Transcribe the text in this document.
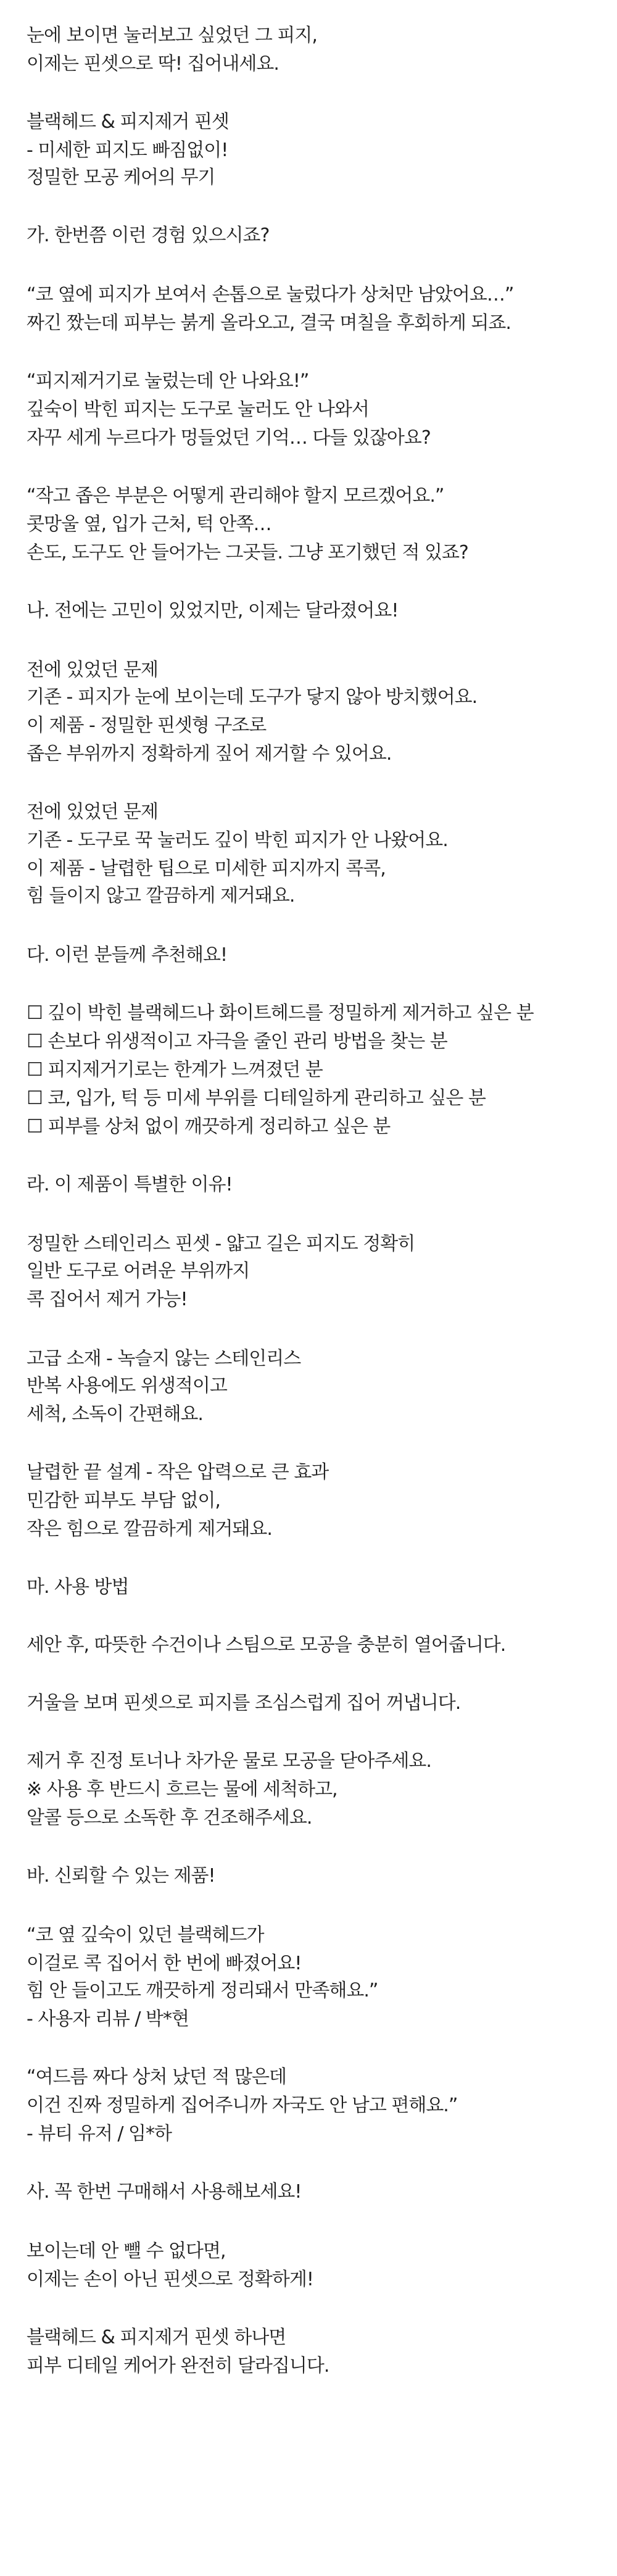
눈에 보이면 눌러보고 싶었던 그 피지,

이제는 핀셋으로 딱! 집어내세요.

블랙헤드 & 피지제거 핀셋

- 미세한 피지도 빠짐없이!

정밀한 모공 케어의 무기

가. 한번쯤 이런 경험 있으시죠?

“코 옆에 피지가 보여서 손톱으로 눌렀다가 상처만 남았어요…”

짜긴 짰는데 피부는 붉게 올라오고, 결국 며칠을 후회하게 되죠.

“피지제거기로 눌렀는데 안 나와요!”

깊숙이 박힌 피지는 도구로 눌러도 안 나와서

자꾸 세게 누르다가 멍들었던 기억… 다들 있잖아요?

“작고 좁은 부분은 어떻게 관리해야 할지 모르겠어요.”

콧망울 옆, 입가 근처, 턱 안쪽…

손도, 도구도 안 들어가는 그곳들. 그냥 포기했던 적 있죠?

나. 전에는 고민이 있었지만, 이제는 달라졌어요!

전에 있었던 문제

기존 - 피지가 눈에 보이는데 도구가 닿지 않아 방치했어요.

이 제품 - 정밀한 핀셋형 구조로

좁은 부위까지 정확하게 짚어 제거할 수 있어요.

전에 있었던 문제

기존 - 도구로 꾹 눌러도 깊이 박힌 피지가 안 나왔어요.

이 제품 - 날렵한 팁으로 미세한 피지까지 콕콕,

힘 들이지 않고 깔끔하게 제거돼요.

다. 이런 분들께 추천해요!

☐ 깊이 박힌 블랙헤드나 화이트헤드를 정밀하게 제거하고 싶은 분

☐ 손보다 위생적이고 자극을 줄인 관리 방법을 찾는 분

☐ 피지제거기로는 한계가 느껴졌던 분

☐ 코, 입가, 턱 등 미세 부위를 디테일하게 관리하고 싶은 분

☐ 피부를 상처 없이 깨끗하게 정리하고 싶은 분

라. 이 제품이 특별한 이유!

정밀한 스테인리스 핀셋 - 얇고 길은 피지도 정확히

일반 도구로 어려운 부위까지

콕 집어서 제거 가능!

고급 소재 - 녹슬지 않는 스테인리스

반복 사용에도 위생적이고

세척, 소독이 간편해요.

날렵한 끝 설계 - 작은 압력으로 큰 효과

민감한 피부도 부담 없이,

작은 힘으로 깔끔하게 제거돼요.

마. 사용 방법

세안 후, 따뜻한 수건이나 스팀으로 모공을 충분히 열어줍니다.

거울을 보며 핀셋으로 피지를 조심스럽게 집어 꺼냅니다.

제거 후 진정 토너나 차가운 물로 모공을 닫아주세요.

※ 사용 후 반드시 흐르는 물에 세척하고,

알콜 등으로 소독한 후 건조해주세요.

바. 신뢰할 수 있는 제품!

“코 옆 깊숙이 있던 블랙헤드가

이걸로 콕 집어서 한 번에 빠졌어요!

힘 안 들이고도 깨끗하게 정리돼서 만족해요.”

- 사용자 리뷰 / 박*현

“여드름 짜다 상처 났던 적 많은데

이건 진짜 정밀하게 집어주니까 자국도 안 남고 편해요.”

- 뷰티 유저 / 임*하

사. 꼭 한번 구매해서 사용해보세요!

보이는데 안 뺄 수 없다면,

이제는 손이 아닌 핀셋으로 정확하게!

블랙헤드 & 피지제거 핀셋 하나면

피부 디테일 케어가 완전히 달라집니다.
